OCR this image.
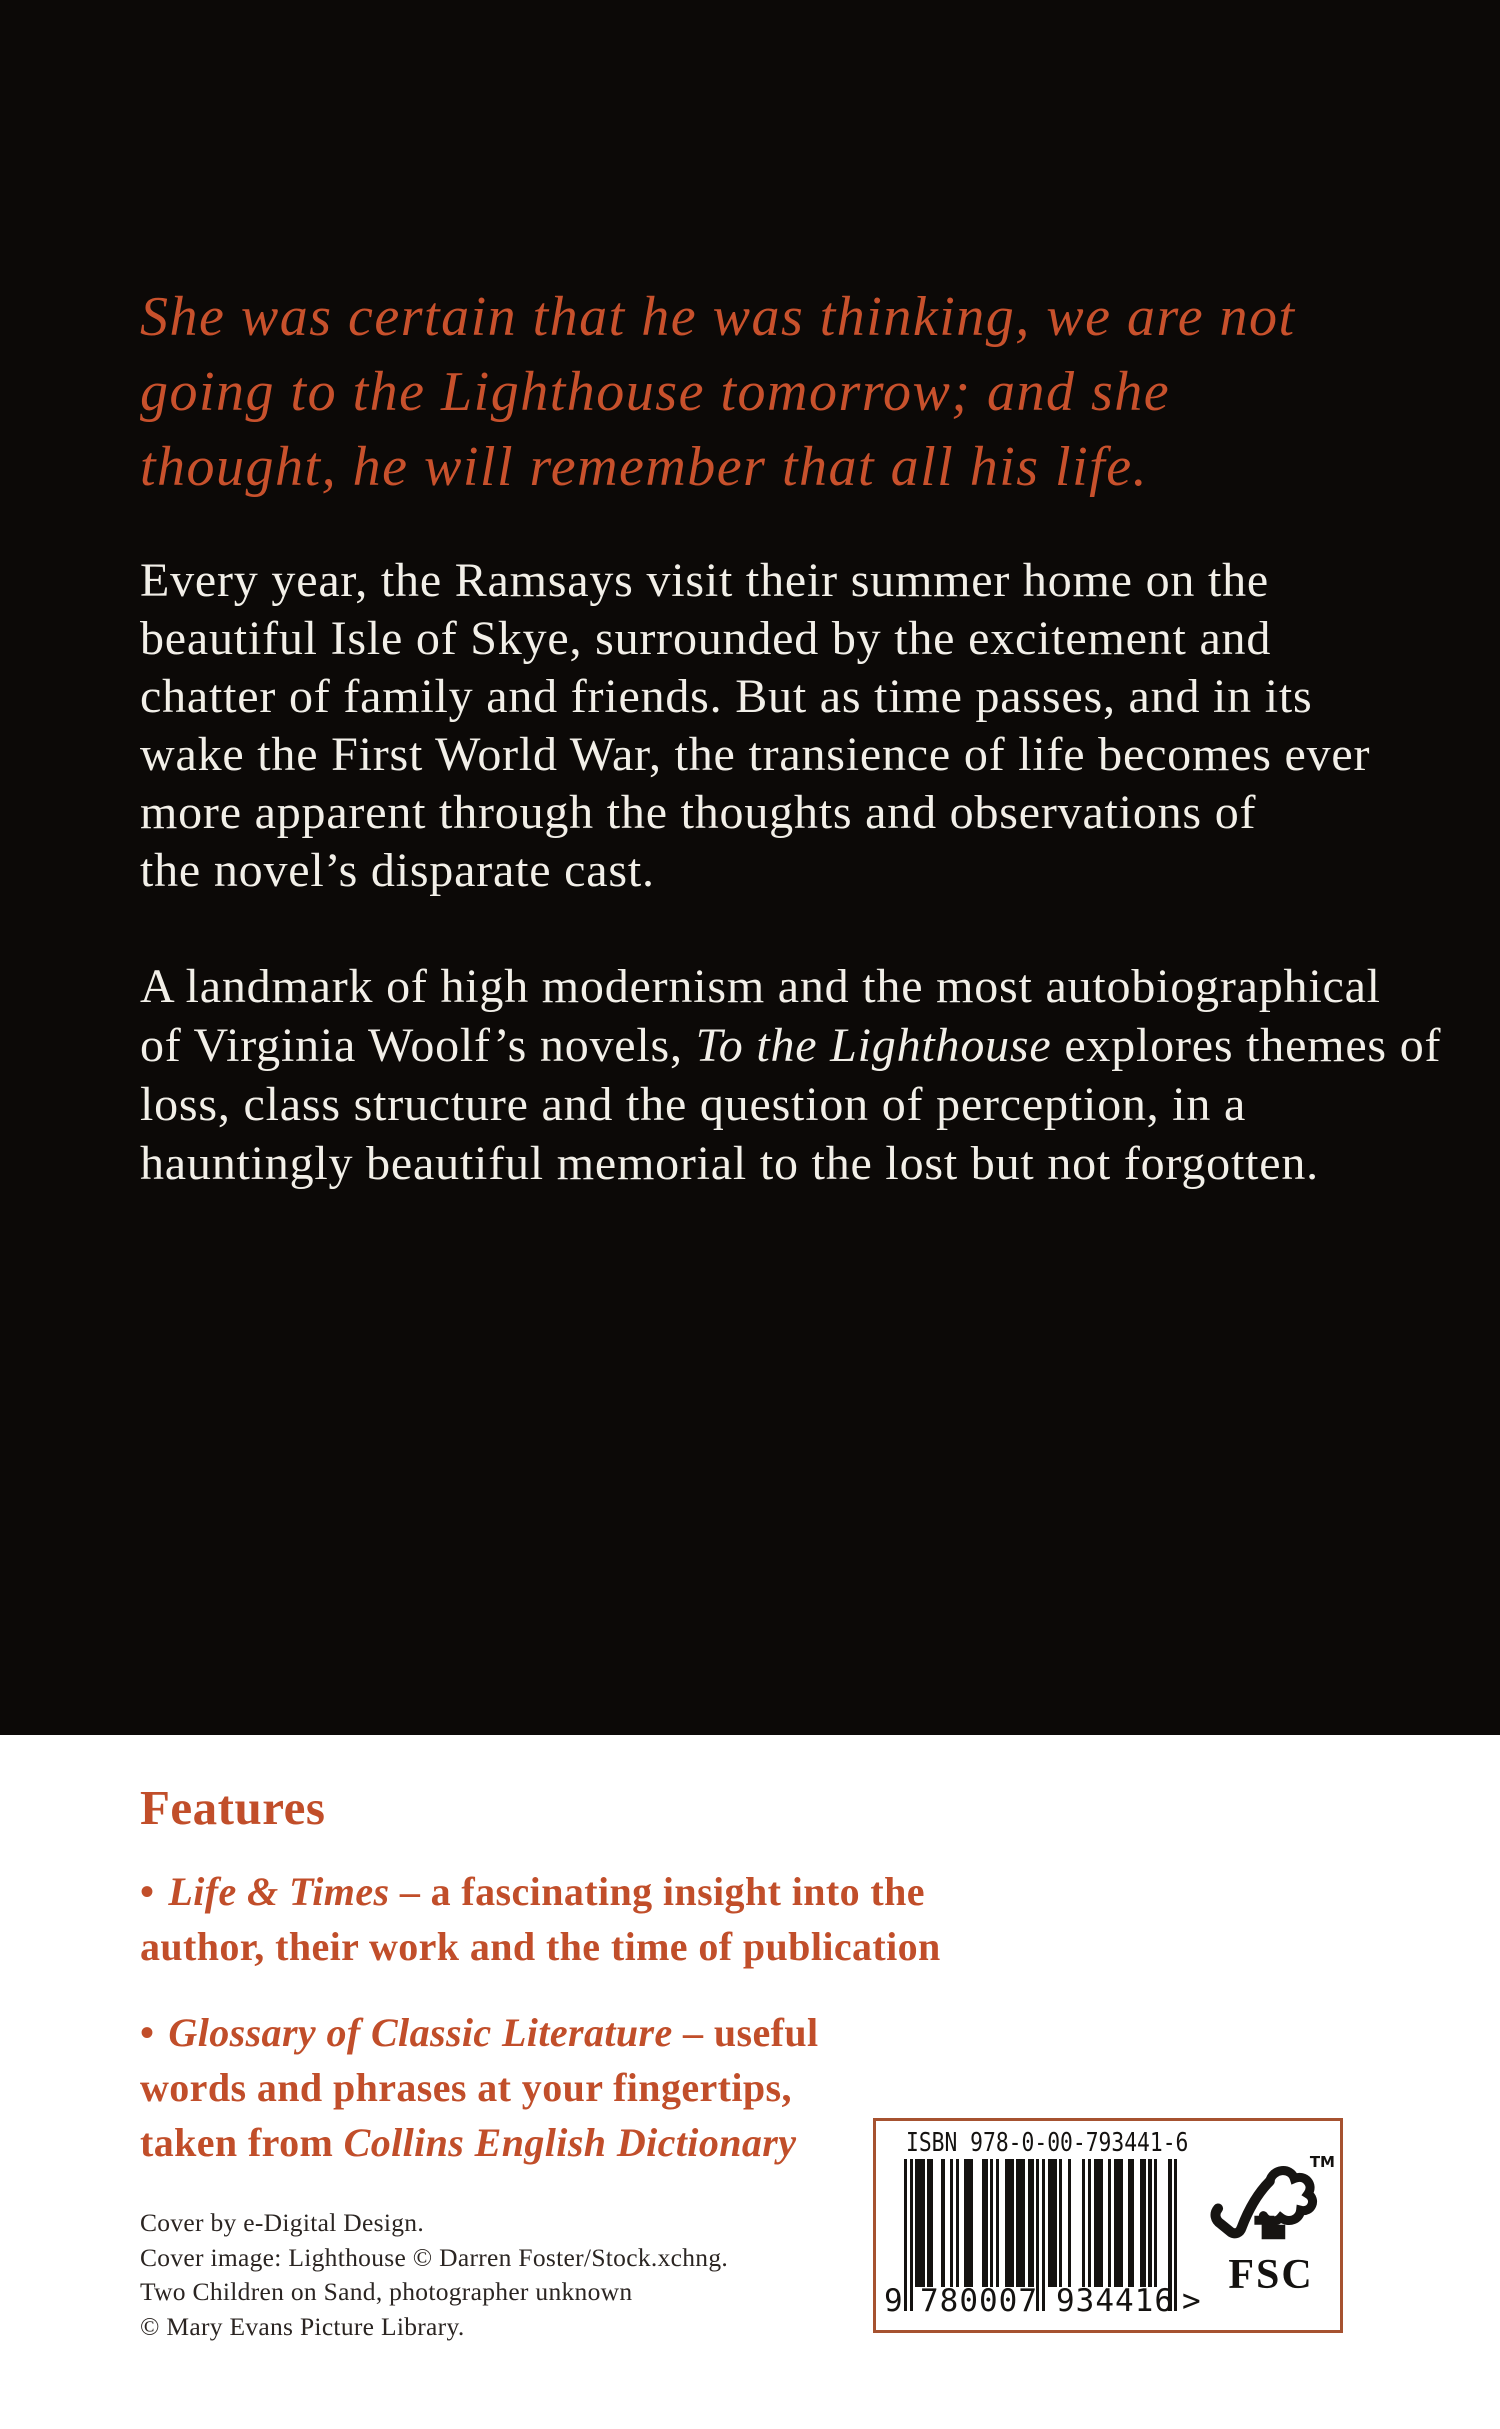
She was certain that he was thinking, we are not
going to the Lighthouse tomorrow; and she
thought, he will remember that all his life.
Every year, the Ramsays visit their summer home on the
beautiful Isle of Skye, surrounded by the excitement and
chatter of family and friends. But as time passes, and in its
wake the First World War, the transience of life becomes ever
more apparent through the thoughts and observations of
the novel’s disparate cast.
A landmark of high modernism and the most autobiographical
of Virginia Woolf’s novels, To the Lighthouse explores themes of
loss, class structure and the question of perception, in a
hauntingly beautiful memorial to the lost but not forgotten.
Features
• Life & Times – a fascinating insight into the
author, their work and the time of publication
• Glossary of Classic Literature – useful
words and phrases at your fingertips,
taken from Collins English Dictionary
Cover by e-Digital Design.
Cover image: Lighthouse © Darren Foster/Stock.xchng.
Two Children on Sand, photographer unknown
© Mary Evans Picture Library.
ISBN 978-0-00-793441-6
9 780007 934416 >
TM
FSC
